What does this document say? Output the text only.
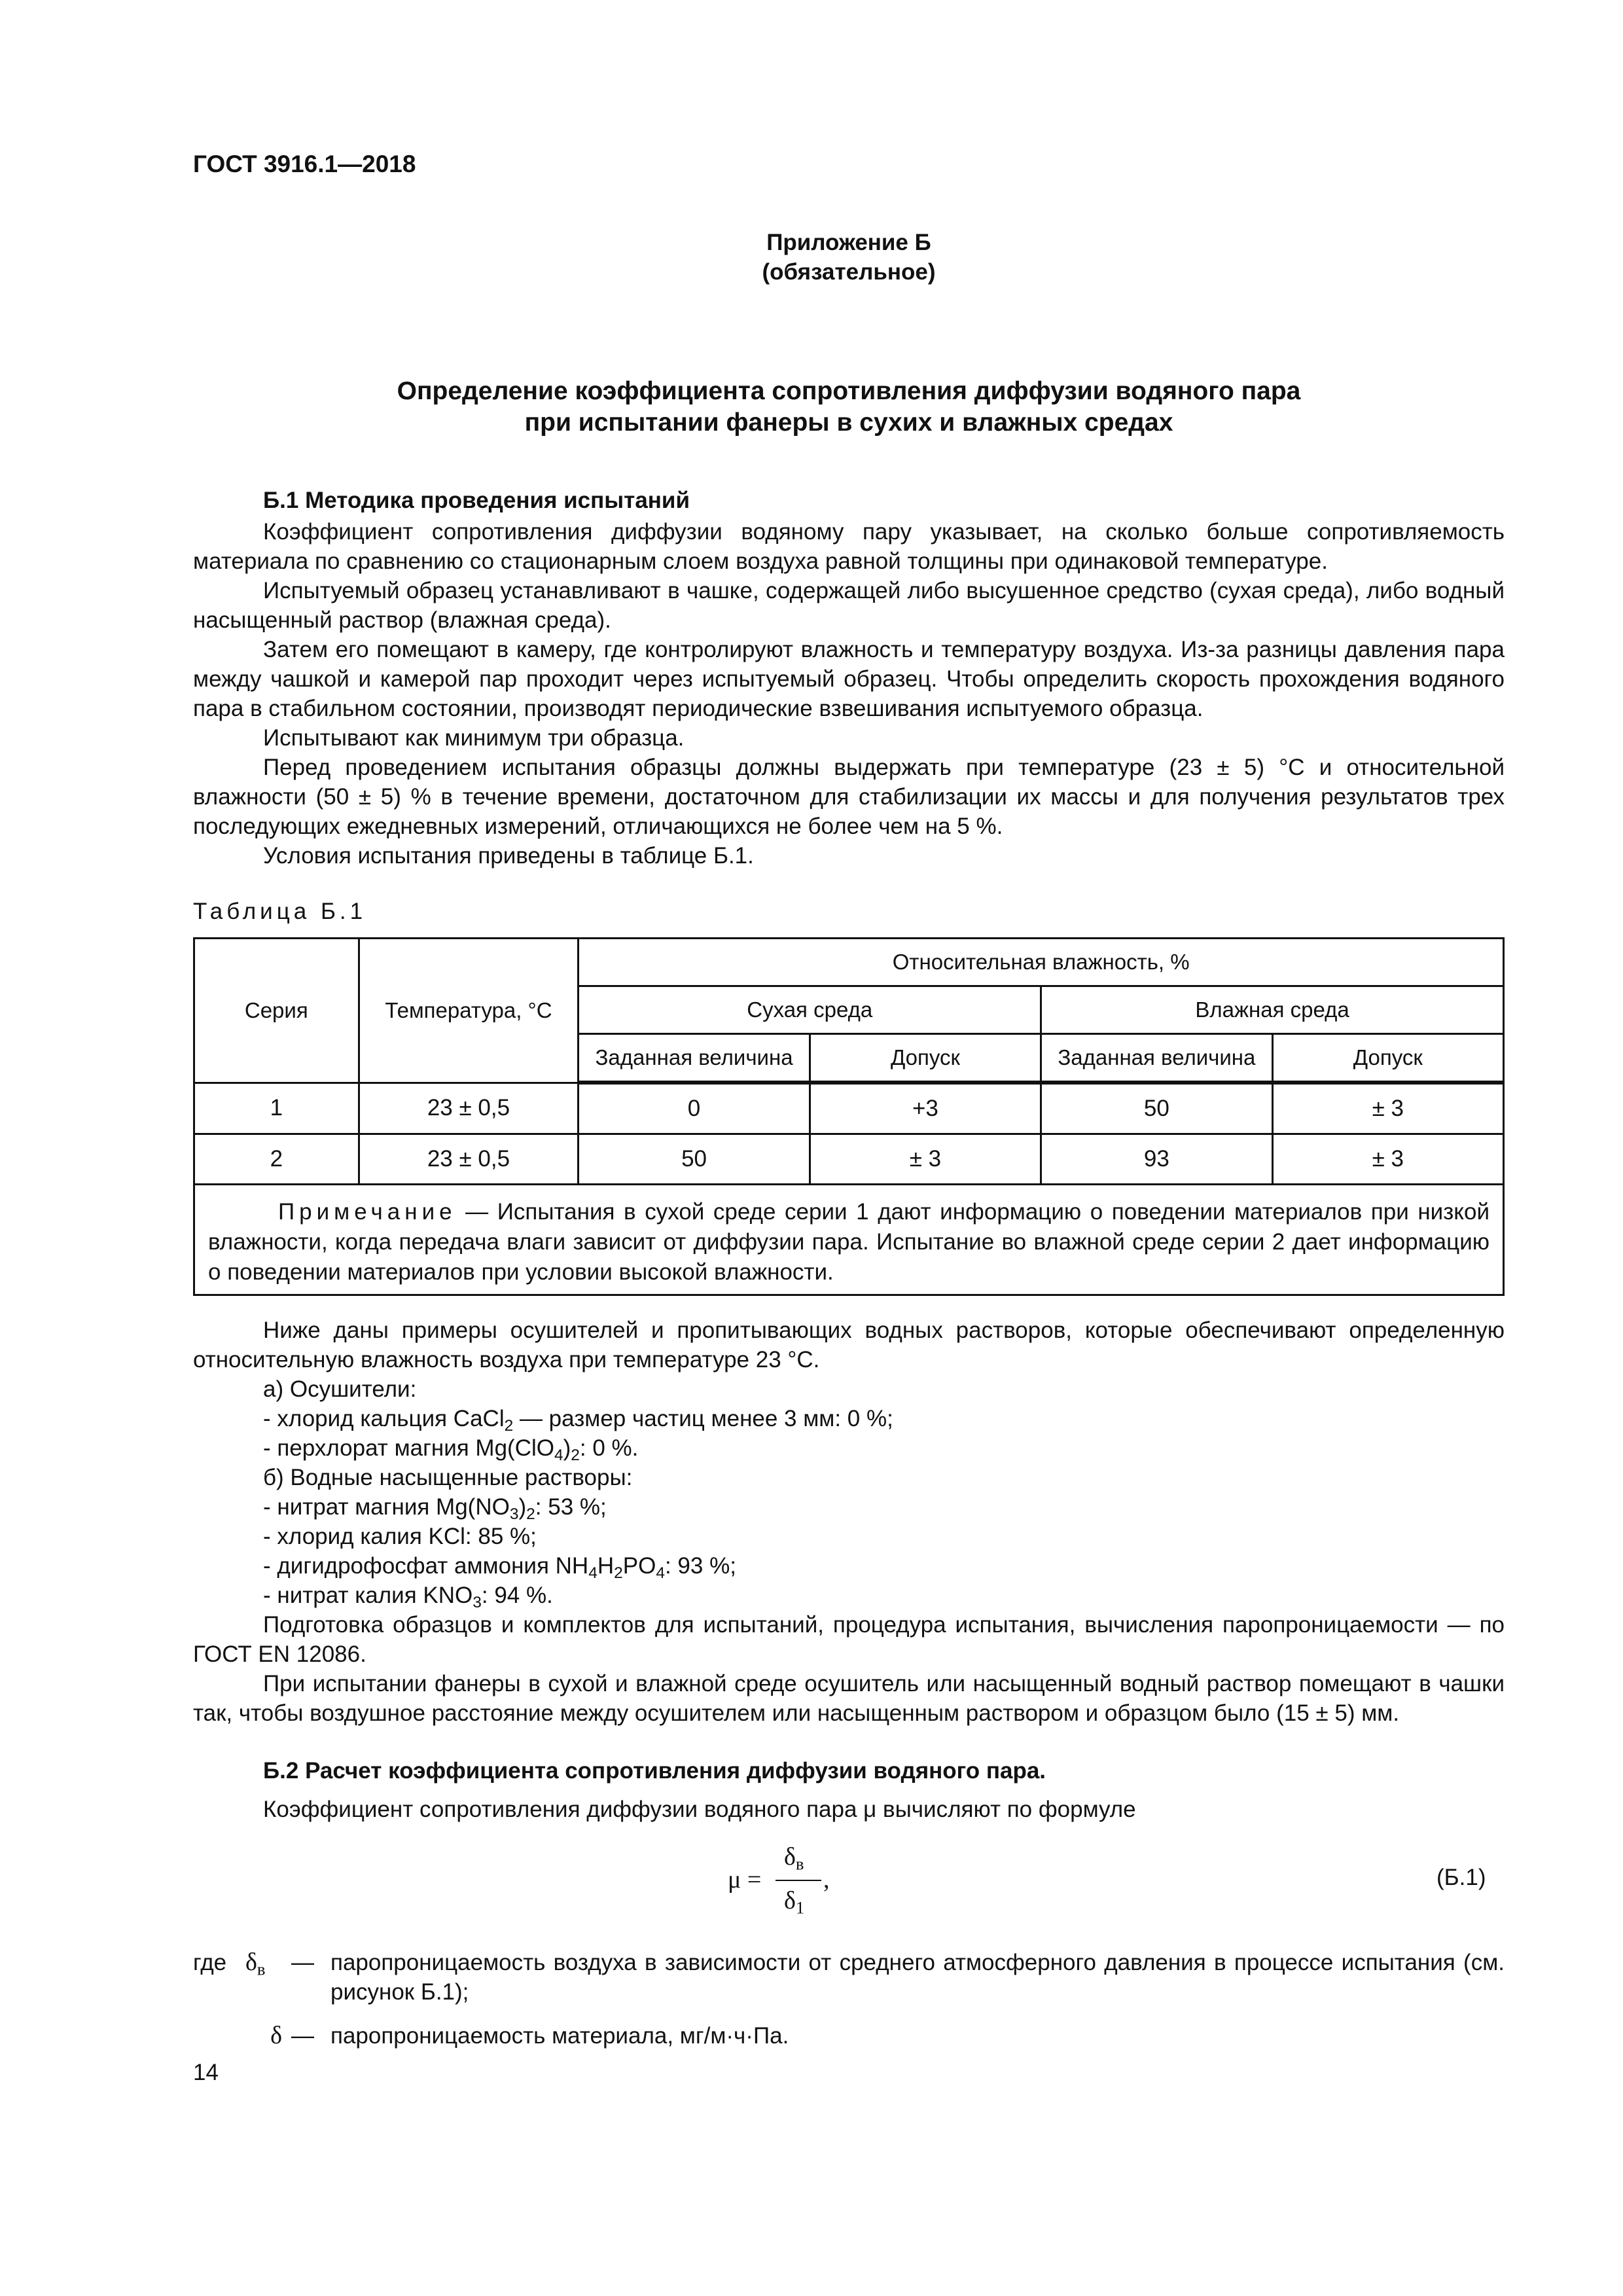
ГОСТ 3916.1—2018
Приложение Б
(обязательное)
Определение коэффициента сопротивления диффузии водяного пара
при испытании фанеры в сухих и влажных средах
Б.1 Методика проведения испытаний

Коэффициент сопротивления диффузии водяному пару указывает, на сколько больше сопротивляемость материала по сравнению со стационарным слоем воздуха равной толщины при одинаковой температуре.

Испытуемый образец устанавливают в чашке, содержащей либо высушенное средство (сухая среда), либо водный насыщенный раствор (влажная среда).

Затем его помещают в камеру, где контролируют влажность и температуру воздуха. Из-за разницы давления пара между чашкой и камерой пар проходит через испытуемый образец. Чтобы определить скорость прохождения водяного пара в стабильном состоянии, производят периодические взвешивания испытуемого образца.

Испытывают как минимум три образца.

Перед проведением испытания образцы должны выдержать при температуре (23 ± 5) °С и относительной влажности (50 ± 5) % в течение времени, достаточном для стабилизации их массы и для получения результатов трех последующих ежедневных измерений, отличающихся не более чем на 5 %.

Условия испытания приведены в таблице Б.1.

Таблица Б.1
Серия	Температура, °С	Относительная влажность, %			
		Сухая среда		Влажная среда	
		Заданная величина	Допуск	Заданная величина	Допуск
1	23 ± 0,5	0	+3	50	± 3
2	23 ± 0,5	50	± 3	93	± 3
Примечание — Испытания в сухой среде серии 1 дают информацию о поведении материалов при низкой влажности, когда передача влаги зависит от диффузии пара. Испытание во влажной среде серии 2 дает информацию о поведении материалов при условии высокой влажности.					

Ниже даны примеры осушителей и пропитывающих водных растворов, которые обеспечивают определенную относительную влажность воздуха при температуре 23 °С.

а) Осушители:
- хлорид кальция CaCl$_2$ — размер частиц менее 3 мм: 0 %;
- перхлорат магния $Mg(ClO_4)_2$: 0 %.
б) Водные насыщенные растворы:
- нитрат магния $Mg(NO_3)_2$: 53 %;
- хлорид калия KCl: 85 %;
- дигидрофосфат аммония $NH_4H_2PO_4$: 93 %;
- нитрат калия $KNO_3$: 94 %.

Подготовка образцов и комплектов для испытаний, процедура испытания, вычисления паропроницаемости — по ГОСТ EN 12086.

При испытании фанеры в сухой и влажной среде осушитель или насыщенный водный раствор помещают в чашки так, чтобы воздушное расстояние между осушителем или насыщенным раствором и образцом было (15 ± 5) мм.

Б.2 Расчет коэффициента сопротивления диффузии водяного пара.
Коэффициент сопротивления диффузии водяного пара μ вычисляют по формуле
μ =
$\delta_в$
$\delta_1$
,	(Б.1)
где	$\delta_в$	—	паропроницаемость воздуха в зависимости от среднего атмосферного давления в процессе испытания (см. рисунок Б.1);
	δ	—	паропроницаемость материала, мг/м·ч·Па.
14
